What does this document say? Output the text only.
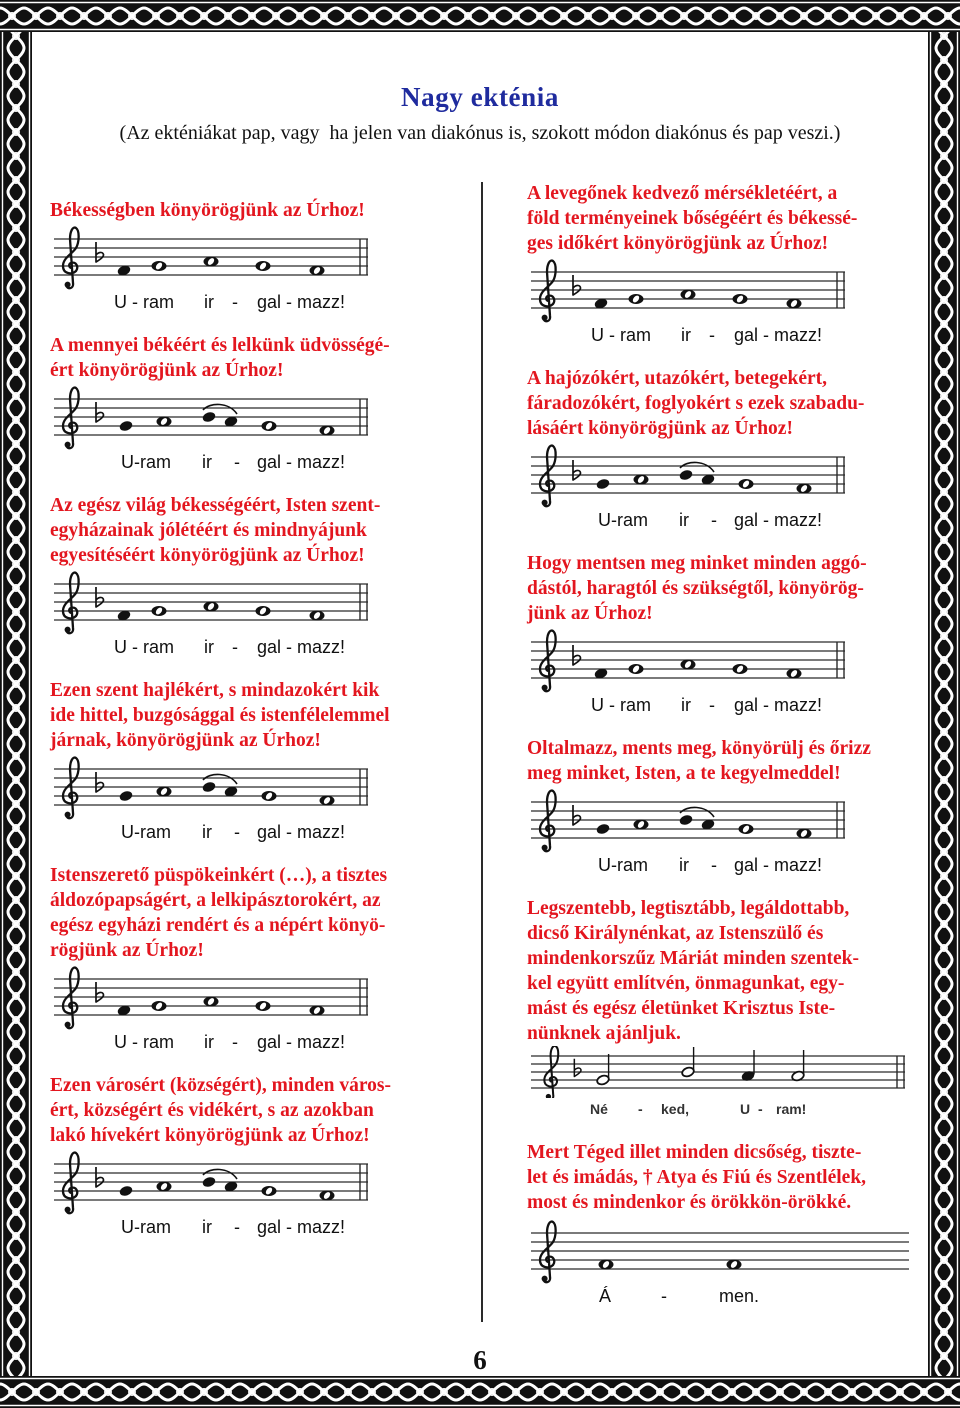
Nagy ekténia
(Az ekténiákat pap, vagy  ha jelen van diakónus is, szokott módon diakónus és pap veszi.)
Békességben könyörögjünk az Úrhoz!
U - ram ir - gal - mazz!
A mennyei békéért és lelkünk üdvösségé-
ért könyörögjünk az Úrhoz!
U-ram ir - gal - mazz!
Az egész világ békességéért, Isten szent-
egyházainak jólétéért és mindnyájunk
egyesítéséért könyörögjünk az Úrhoz!
U - ram ir - gal - mazz!
Ezen szent hajlékért, s mindazokért kik
ide hittel, buzgósággal és istenfélelemmel
járnak, könyörögjünk az Úrhoz!
U-ram ir - gal - mazz!
Istenszerető püspökeinkért (…), a tisztes
áldozópapságért, a lelkipásztorokért, az
egész egyházi rendért és a népért könyö-
rögjünk az Úrhoz!
U - ram ir - gal - mazz!
Ezen városért (községért), minden város-
ért, községért és vidékért, s az azokban
lakó hívekért könyörögjünk az Úrhoz!
U-ram ir - gal - mazz!
A levegőnek kedvező mérsékletéért, a
föld terményeinek bőségéért és békessé-
ges időkért könyörögjünk az Úrhoz!
U - ram ir - gal - mazz!
A hajózókért, utazókért, betegekért,
fáradozókért, foglyokért s ezek szabadu-
lásáért könyörögjünk az Úrhoz!
U-ram ir - gal - mazz!
Hogy mentsen meg minket minden aggó-
dástól, haragtól és szükségtől, könyörög-
jünk az Úrhoz!
U - ram ir - gal - mazz!
Oltalmazz, ments meg, könyörülj és őrizz
meg minket, Isten, a te kegyelmeddel!
U-ram ir - gal - mazz!
Legszentebb, legtisztább, legáldottabb,
dicső Királynénkat, az Istenszülő és
mindenkorszűz Máriát minden szentek-
kel együtt említvén, önmagunkat, egy-
mást és egész életünket Krisztus Iste-
nünknek ajánljuk.
Né - ked,	U - ram!
Mert Téged illet minden dicsőség, tiszte-
let és imádás, † Atya és Fiú és Szentlélek,
most és mindenkor és örökkön-örökké.
Á	-	men.
6
